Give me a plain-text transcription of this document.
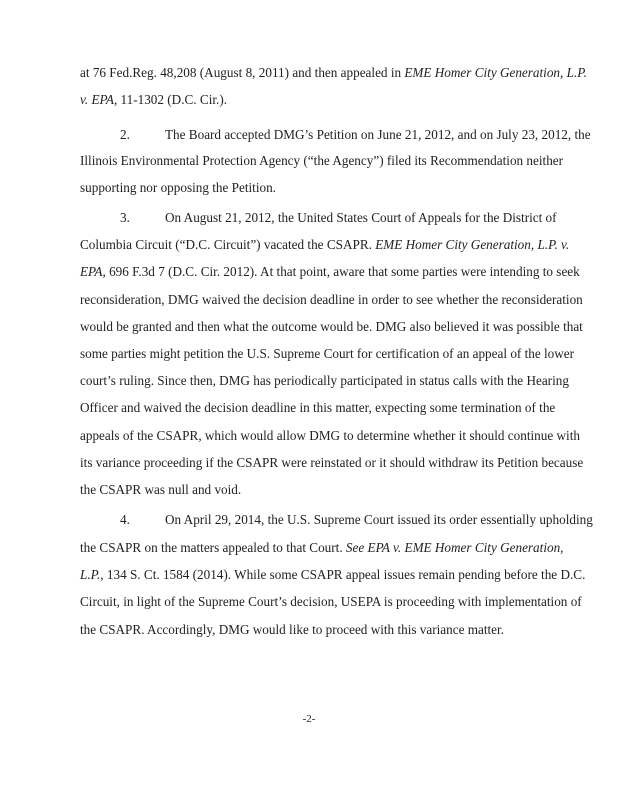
at 76 Fed.Reg. 48,208 (August 8, 2011) and then appealed in EME Homer City Generation, L.P.
v. EPA, 11-1302 (D.C. Cir.).
2.	The Board accepted DMG’s Petition on June 21, 2012, and on July 23, 2012, the
Illinois Environmental Protection Agency (“the Agency”) filed its Recommendation neither
supporting nor opposing the Petition.
3.	On August 21, 2012, the United States Court of Appeals for the District of
Columbia Circuit (“D.C. Circuit”) vacated the CSAPR. EME Homer City Generation, L.P. v.
EPA, 696 F.3d 7 (D.C. Cir. 2012). At that point, aware that some parties were intending to seek
reconsideration, DMG waived the decision deadline in order to see whether the reconsideration
would be granted and then what the outcome would be. DMG also believed it was possible that
some parties might petition the U.S. Supreme Court for certification of an appeal of the lower
court’s ruling. Since then, DMG has periodically participated in status calls with the Hearing
Officer and waived the decision deadline in this matter, expecting some termination of the
appeals of the CSAPR, which would allow DMG to determine whether it should continue with
its variance proceeding if the CSAPR were reinstated or it should withdraw its Petition because
the CSAPR was null and void.
4.	On April 29, 2014, the U.S. Supreme Court issued its order essentially upholding
the CSAPR on the matters appealed to that Court. See EPA v. EME Homer City Generation,
L.P., 134 S. Ct. 1584 (2014). While some CSAPR appeal issues remain pending before the D.C.
Circuit, in light of the Supreme Court’s decision, USEPA is proceeding with implementation of
the CSAPR. Accordingly, DMG would like to proceed with this variance matter.
-2-
